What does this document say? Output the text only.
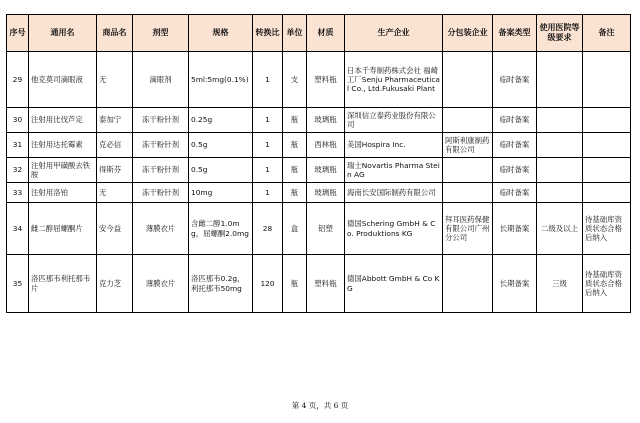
序号	通用名	商品名	剂型	规格	转换比	单位	材质	生产企业	分包装企业	备案类型	使用医院等级要求	备注
29	他克莫司滴眼液	无	滴眼剂	5ml:5mg(0.1%)	1	支	塑料瓶	日本千寿制药株式会社 福崎工厂Senju Pharmaceutical Co., Ltd.Fukusaki Plant		临时备案		
30	注射用比伐芦定	泰加宁	冻干粉针剂	0.25g	1	瓶	玻璃瓶	深圳信立泰药业股份有限公司		临时备案		
31	注射用达托霉素	克必信	冻干粉针剂	0.5g	1	瓶	西林瓶	美国Hospira Inc.	阿斯利康制药有限公司	临时备案		
32	注射用甲磺酸去铁胺	得斯芬	冻干粉针剂	0.5g	1	瓶	玻璃瓶	瑞士Novartis Pharma Stein AG		临时备案		
33	注射用洛铂	无	冻干粉针剂	10mg	1	瓶	玻璃瓶	海南长安国际制药有限公司		临时备案		
34	雌二醇屈螺酮片	安今益	薄膜衣片	含雌二醇1.0mg，屈螺酮2.0mg	28	盒	铝塑	德国Schering GmbH & Co. Produktions KG	拜耳医药保健有限公司广州分公司	长期备案	二级及以上	待基础库资质状态合格后纳入
35	洛匹那韦利托那韦片	克力芝	薄膜衣片	洛匹那韦0.2g，利托那韦50mg	120	瓶	塑料瓶	德国Abbott GmbH & Co KG		长期备案	三级	待基础库资质状态合格后纳入
第 4 页，共 6 页
